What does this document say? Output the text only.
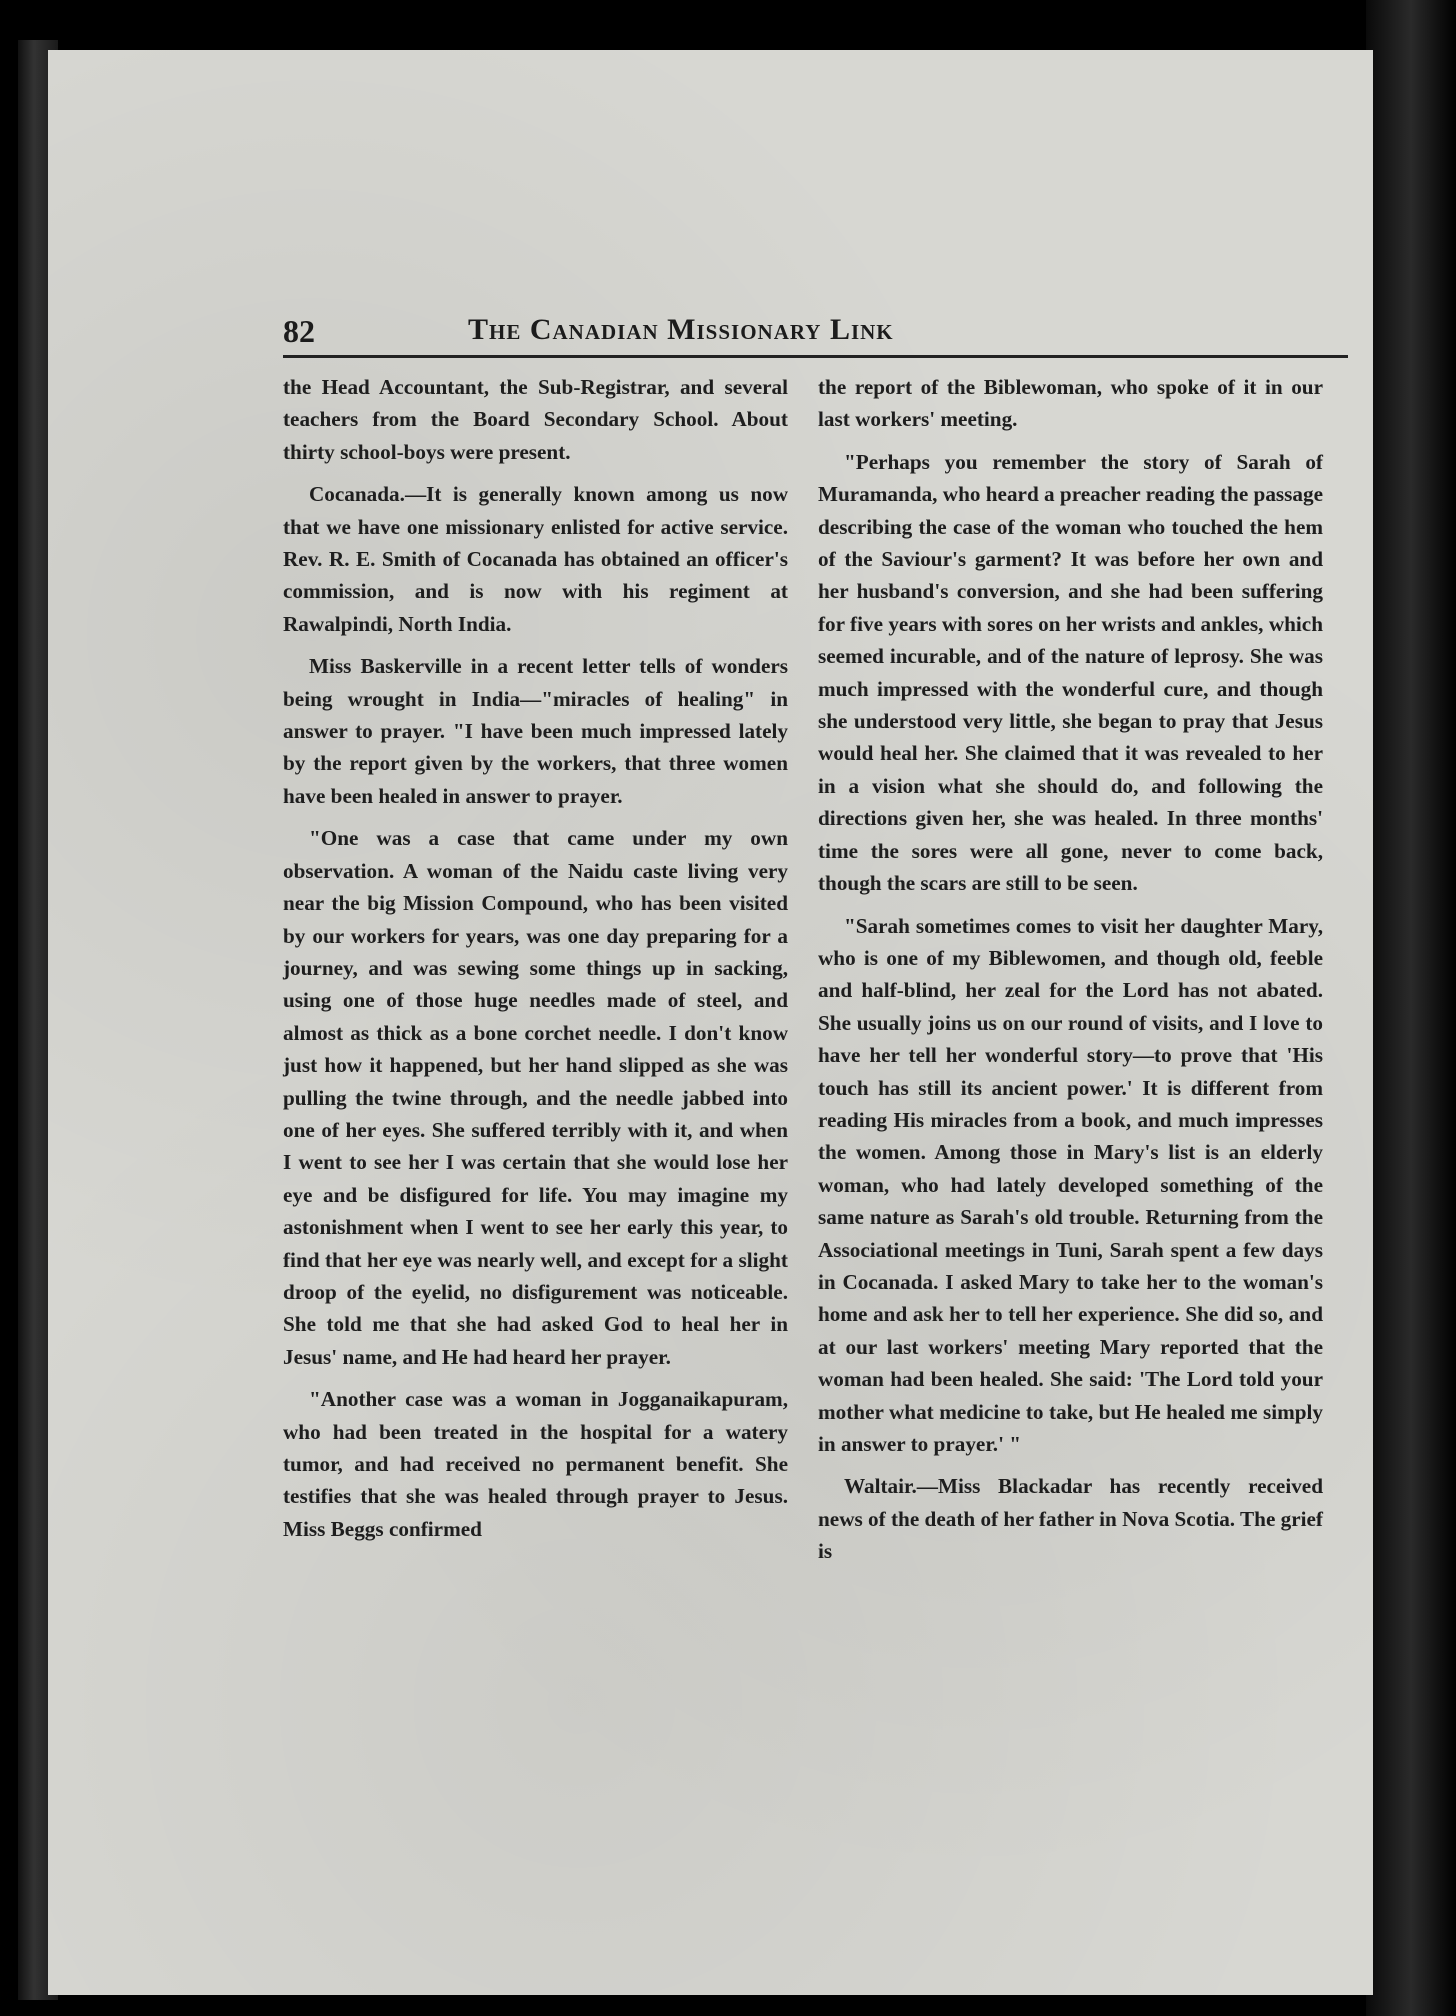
82	The Canadian Missionary Link

the Head Accountant, the Sub-Registrar, and several teachers from the Board Secondary School. About thirty school-boys were present.

Cocanada.—It is generally known among us now that we have one missionary enlisted for active service. Rev. R. E. Smith of Cocanada has obtained an officer's commission, and is now with his regiment at Rawalpindi, North India.

Miss Baskerville in a recent letter tells of wonders being wrought in India—"miracles of healing" in answer to prayer. "I have been much impressed lately by the report given by the workers, that three women have been healed in answer to prayer.

"One was a case that came under my own observation. A woman of the Naidu caste living very near the big Mission Compound, who has been visited by our workers for years, was one day preparing for a journey, and was sewing some things up in sacking, using one of those huge needles made of steel, and almost as thick as a bone corchet needle. I don't know just how it happened, but her hand slipped as she was pulling the twine through, and the needle jabbed into one of her eyes. She suffered terribly with it, and when I went to see her I was certain that she would lose her eye and be disfigured for life. You may imagine my astonishment when I went to see her early this year, to find that her eye was nearly well, and except for a slight droop of the eyelid, no disfigurement was noticeable. She told me that she had asked God to heal her in Jesus' name, and He had heard her prayer.

"Another case was a woman in Jogganaikapuram, who had been treated in the hospital for a watery tumor, and had received no permanent benefit. She testifies that she was healed through prayer to Jesus. Miss Beggs confirmed

the report of the Biblewoman, who spoke of it in our last workers' meeting.

"Perhaps you remember the story of Sarah of Muramanda, who heard a preacher reading the passage describing the case of the woman who touched the hem of the Saviour's garment? It was before her own and her husband's conversion, and she had been suffering for five years with sores on her wrists and ankles, which seemed incurable, and of the nature of leprosy. She was much impressed with the wonderful cure, and though she understood very little, she began to pray that Jesus would heal her. She claimed that it was revealed to her in a vision what she should do, and following the directions given her, she was healed. In three months' time the sores were all gone, never to come back, though the scars are still to be seen.

"Sarah sometimes comes to visit her daughter Mary, who is one of my Biblewomen, and though old, feeble and half-blind, her zeal for the Lord has not abated. She usually joins us on our round of visits, and I love to have her tell her wonderful story—to prove that 'His touch has still its ancient power.' It is different from reading His miracles from a book, and much impresses the women. Among those in Mary's list is an elderly woman, who had lately developed something of the same nature as Sarah's old trouble. Returning from the Associational meetings in Tuni, Sarah spent a few days in Cocanada. I asked Mary to take her to the woman's home and ask her to tell her experience. She did so, and at our last workers' meeting Mary reported that the woman had been healed. She said: 'The Lord told your mother what medicine to take, but He healed me simply in answer to prayer.' "

Waltair.—Miss Blackadar has recently received news of the death of her father in Nova Scotia. The grief is
